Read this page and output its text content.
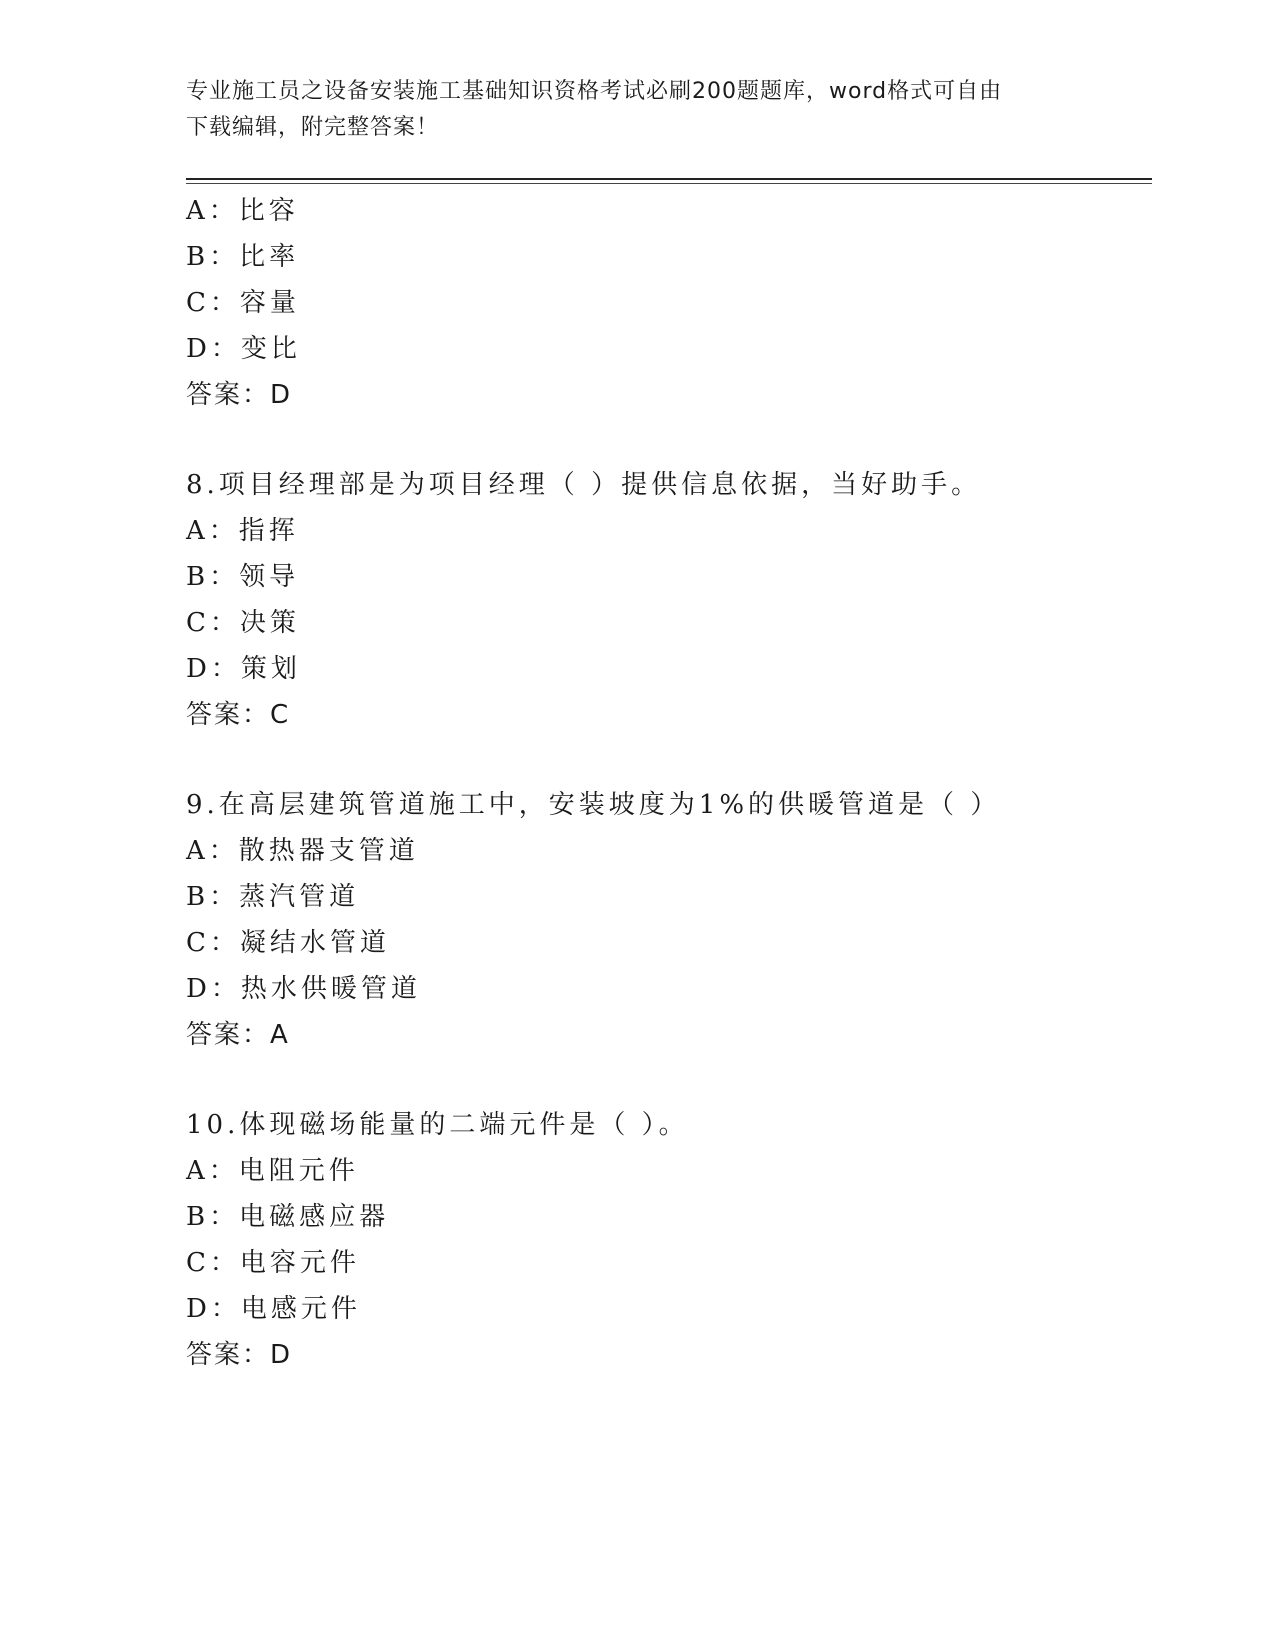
专业施工员之设备安装施工基础知识资格考试必刷200题题库，word格式可自由
下载编辑，附完整答案！
A：比容
B：比率
C：容量
D：变比
答案：D
8.项目经理部是为项目经理（ ）提供信息依据，当好助手。
A：指挥
B：领导
C：决策
D：策划
答案：C
9.在高层建筑管道施工中，安装坡度为1%的供暖管道是（ ）
A：散热器支管道
B：蒸汽管道
C：凝结水管道
D：热水供暖管道
答案：A
10.体现磁场能量的二端元件是（ ）。
A：电阻元件
B：电磁感应器
C：电容元件
D：电感元件
答案：D
